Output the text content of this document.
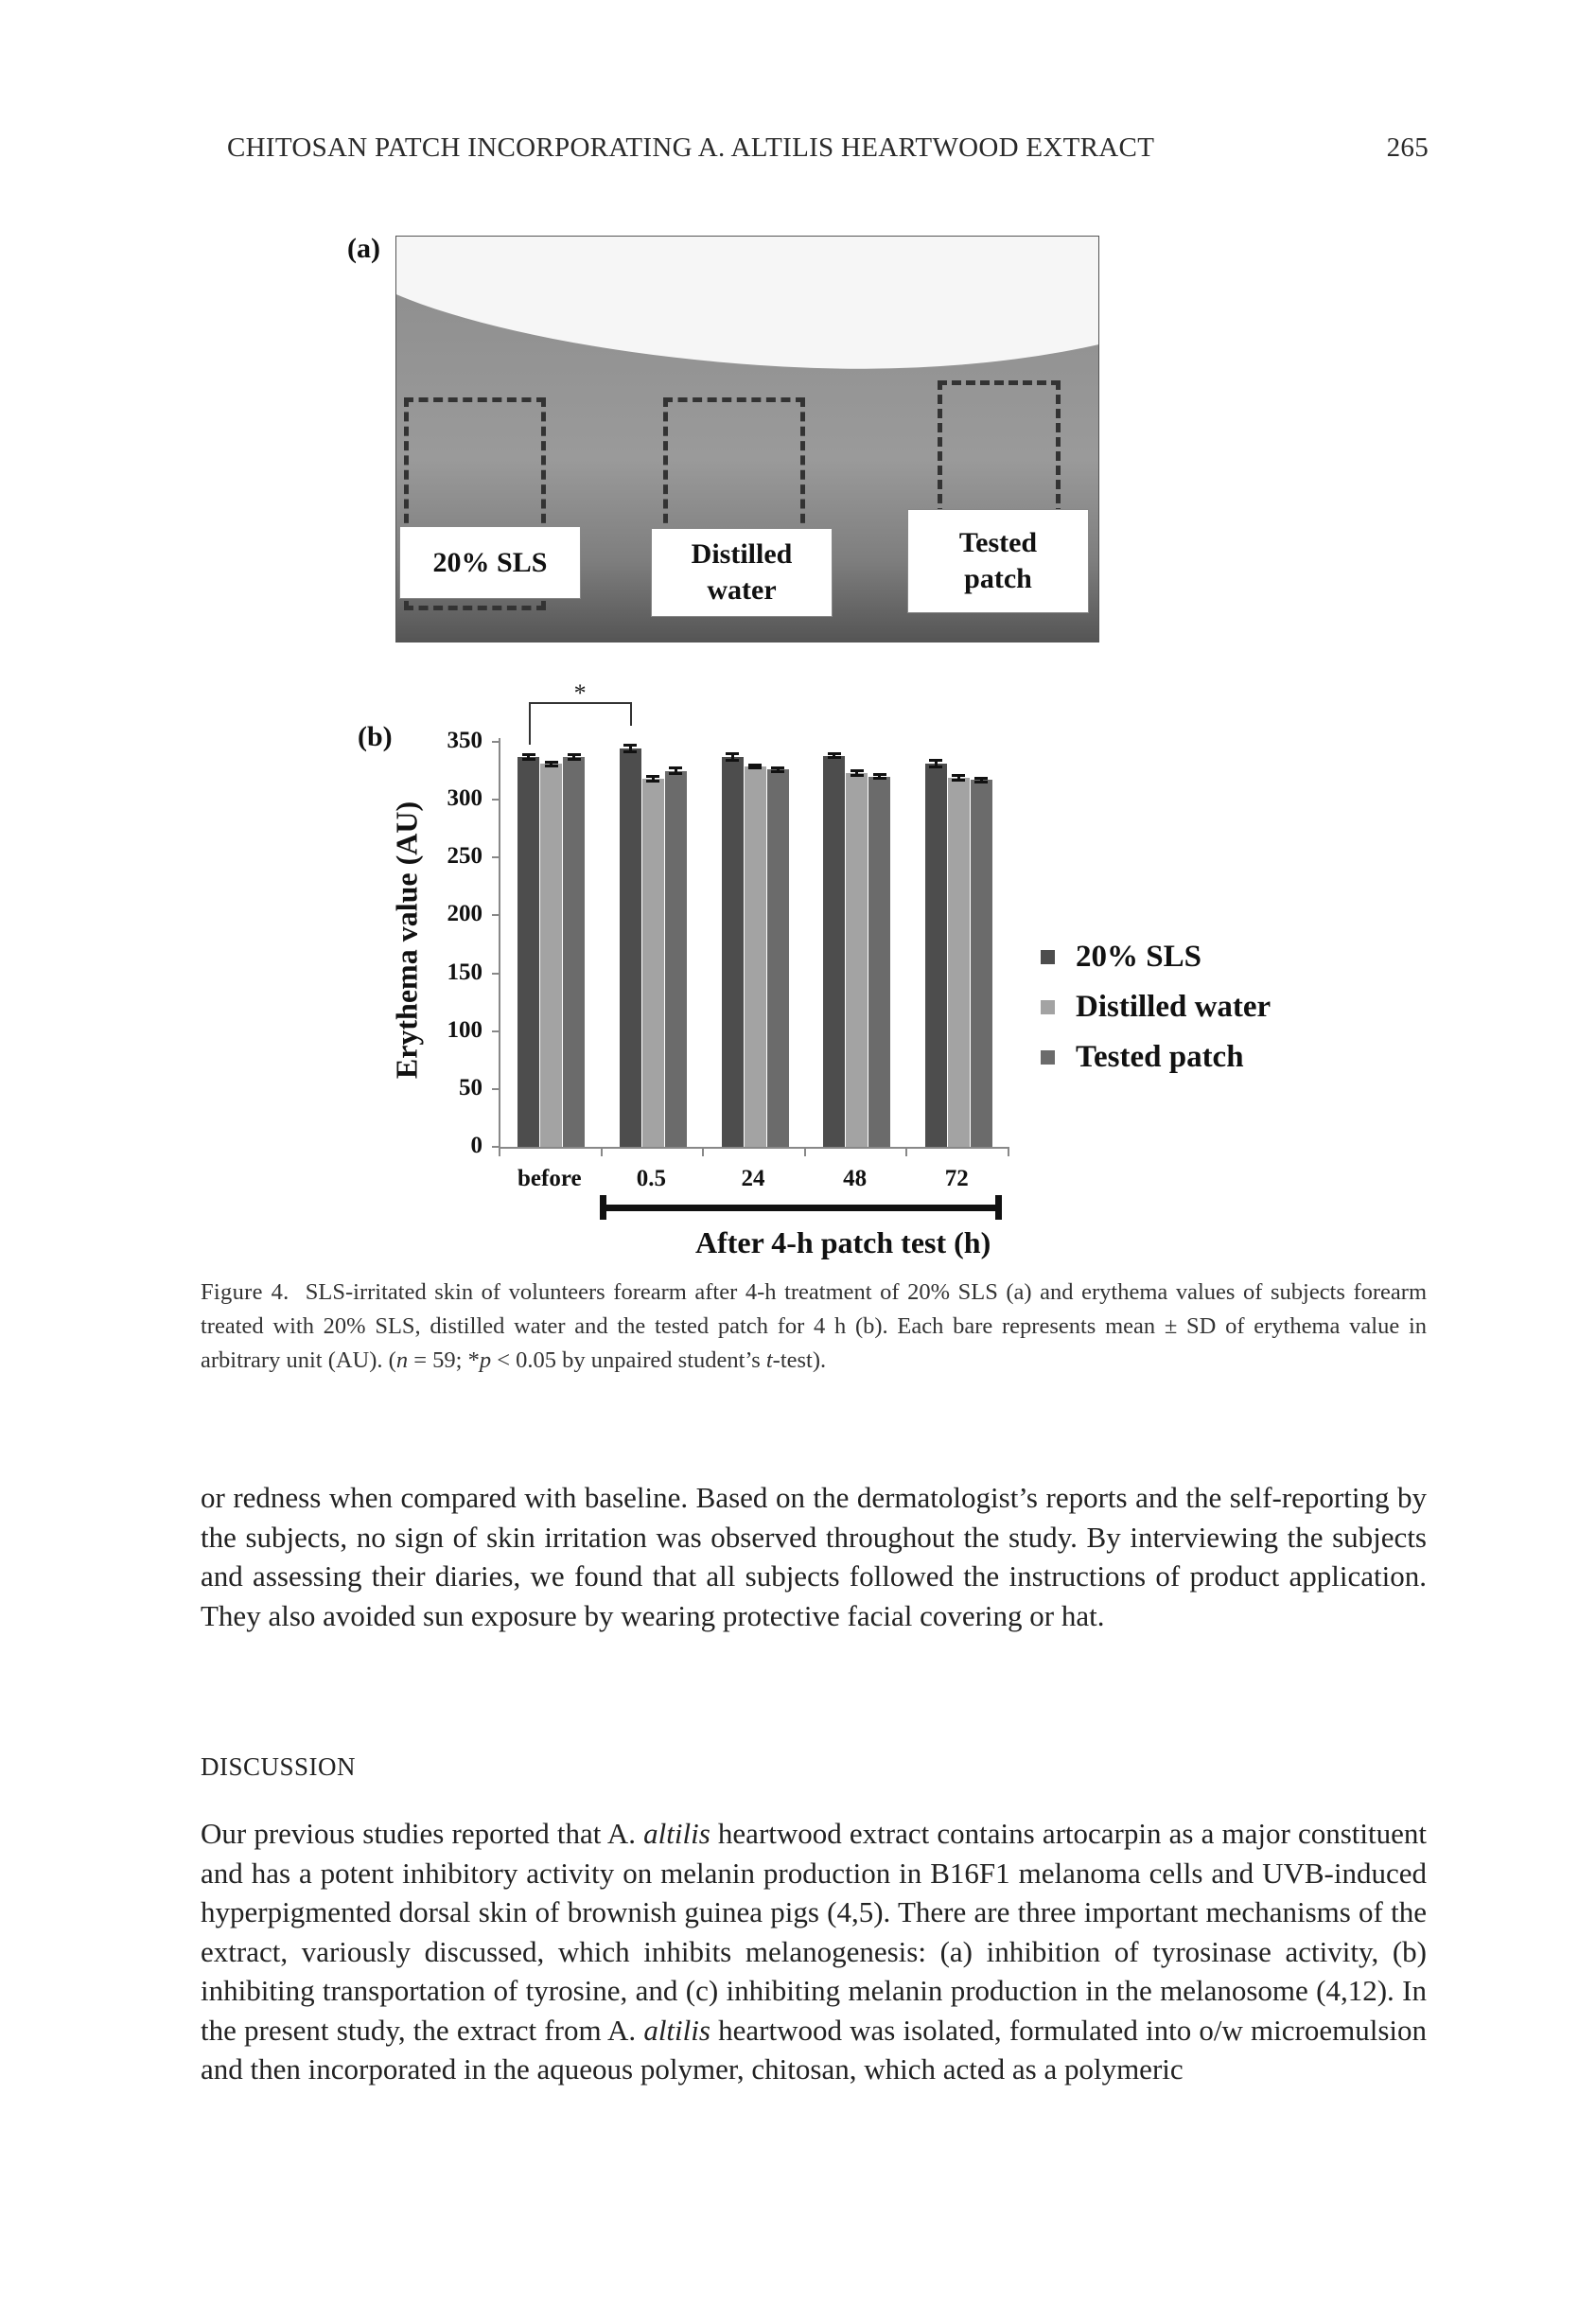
CHITOSAN PATCH INCORPORATING A. ALTILIS HEARTWOOD EXTRACT	265
(a)
20% SLS	Distilled
water
Tested
patch
(b)
Erythema value (AU)
0
50
100
150
200
250
300
350
before	0.5	24	48	72
*
After 4-h patch test (h)
20% SLS
Distilled water
Tested patch
Figure 4. SLS-irritated skin of volunteers forearm after 4-h treatment of 20% SLS (a) and erythema values of subjects forearm treated with 20% SLS, distilled water and the tested patch for 4 h (b). Each bare represents mean ± SD of erythema value in arbitrary unit (AU). (n = 59; *p < 0.05 by unpaired student’s t-test).
or redness when compared with baseline. Based on the dermatologist’s reports and the self-reporting by the subjects, no sign of skin irritation was observed throughout the study. By interviewing the subjects and assessing their diaries, we found that all subjects followed the instructions of product application. They also avoided sun exposure by wearing protective facial covering or hat.
DISCUSSION
Our previous studies reported that A. altilis heartwood extract contains artocarpin as a major constituent and has a potent inhibitory activity on melanin production in B16F1 melanoma cells and UVB-induced hyperpigmented dorsal skin of brownish guinea pigs (4,5). There are three important mechanisms of the extract, variously discussed, which inhibits melanogenesis: (a) inhibition of tyrosinase activity, (b) inhibiting transportation of tyrosine, and (c) inhibiting melanin production in the melanosome (4,12). In the present study, the extract from A. altilis heartwood was isolated, formulated into o/w microemulsion and then incorporated in the aqueous polymer, chitosan, which acted as a polymeric
